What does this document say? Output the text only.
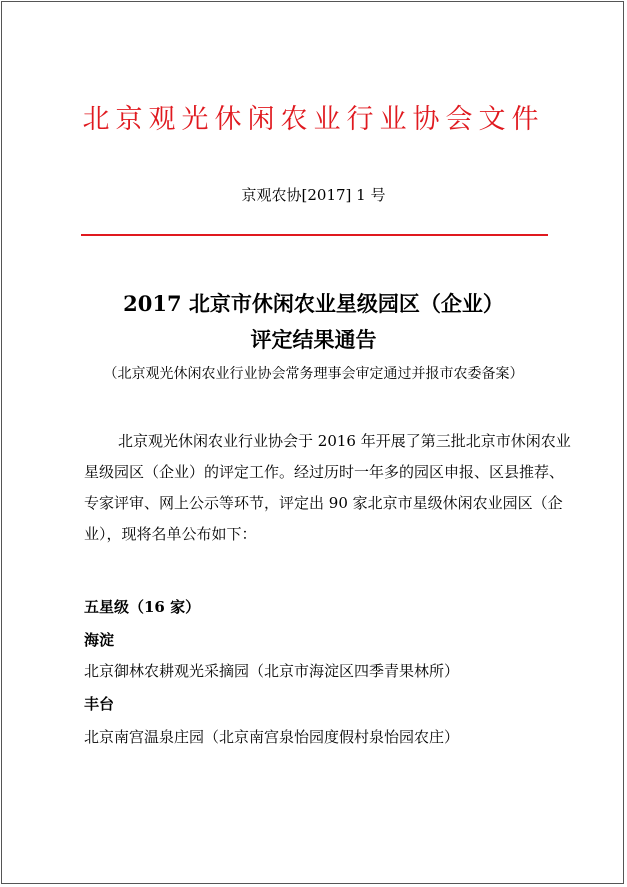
北京观光休闲农业行业协会文件
京观农协[2017] 1 号
2017 北京市休闲农业星级园区（企业）
评定结果通告
（北京观光休闲农业行业协会常务理事会审定通过并报市农委备案）
北京观光休闲农业行业协会于 2016 年开展了第三批北京市休闲农业
星级园区（企业）的评定工作。经过历时一年多的园区申报、区县推荐、
专家评审、网上公示等环节，评定出 90 家北京市星级休闲农业园区（企
业），现将名单公布如下：
五星级（16 家）
海淀
北京御林农耕观光采摘园（北京市海淀区四季青果林所）
丰台
北京南宫温泉庄园（北京南宫泉怡园度假村泉怡园农庄）
